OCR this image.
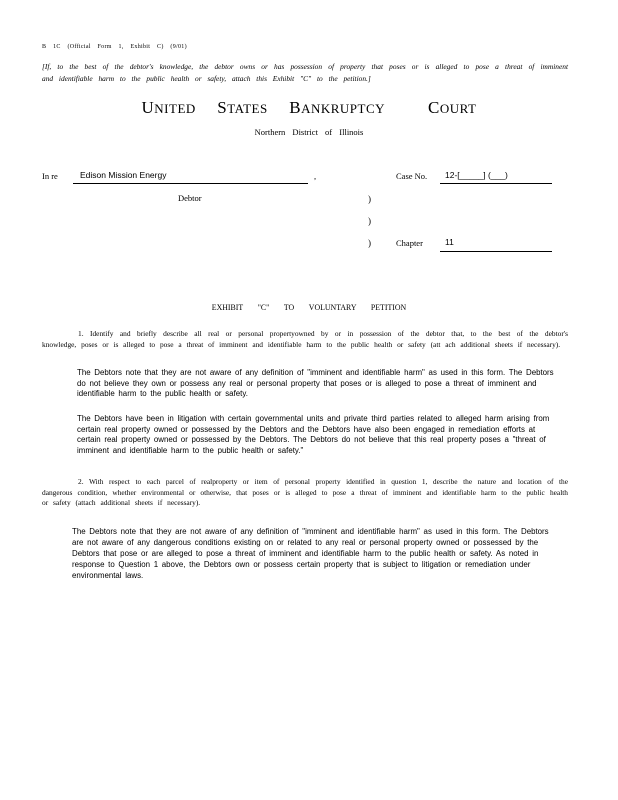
B 1C (Official Form 1, Exhibit C) (9/01)
[If, to the best of the debtor's knowledge, the debtor owns or has possession of property that poses or is alleged to pose a threat of imminent and identifiable harm to the public health or safety, attach this Exhibit "C" to the petition.]
UNITED STATES BANKRUPTCY	COURT
Northern District of Illinois
In re	Edison Mission Energy	,	Case No. 12-[_____] (___)
Debtor	)
)
)	Chapter	11
EXHIBIT "C" TO VOLUNTARY PETITION
1. Identify and briefly describe all real or personal propertyowned by or in possession of the debtor that, to the best of the debtor's knowledge, poses or is alleged to pose a threat of imminent and identifiable harm to the public health or safety (att ach additional sheets if necessary).
The Debtors note that they are not aware of any definition of "imminent and identifiable harm" as used in this form. The Debtors do not believe they own or possess any real or personal property that poses or is alleged to pose a threat of imminent and identifiable harm to the public health or safety.
The Debtors have been in litigation with certain governmental units and private third parties related to alleged harm arising from certain real property owned or possessed by the Debtors and the Debtors have also been engaged in remediation efforts at certain real property owned or possessed by the Debtors. The Debtors do not believe that this real property poses a "threat of imminent and identifiable harm to the public health or safety."
2. With respect to each parcel of realproperty or item of personal property identified in question 1, describe the nature and location of the dangerous condition, whether environmental or otherwise, that poses or is alleged to pose a threat of imminent and identifiable harm to the public health or safety (attach additional sheets if necessary).
The Debtors note that they are not aware of any definition of "imminent and identifiable harm" as used in this form. The Debtors are not aware of any dangerous conditions existing on or related to any real or personal property owned or possessed by the Debtors that pose or are alleged to pose a threat of imminent and identifiable harm to the public health or safety. As noted in response to Question 1 above, the Debtors own or possess certain property that is subject to litigation or remediation under environmental laws.
